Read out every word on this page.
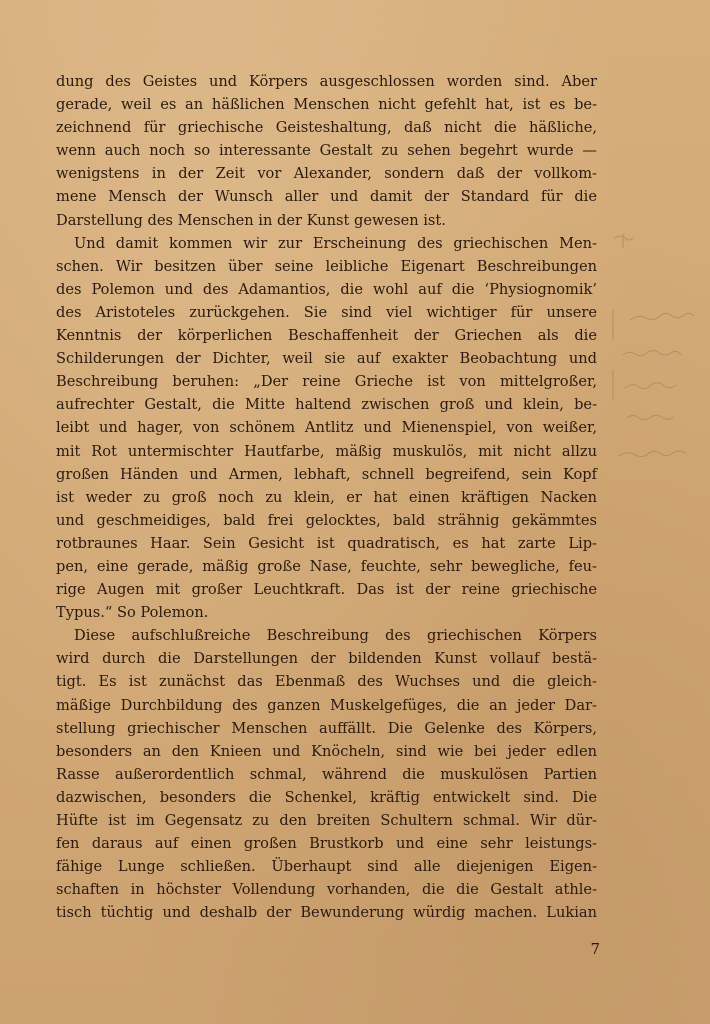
dung des Geistes und Körpers ausgeschlossen worden sind. Aber
gerade, weil es an häßlichen Menschen nicht gefehlt hat, ist es be-
zeichnend für griechische Geisteshaltung, daß nicht die häßliche,
wenn auch noch so interessante Gestalt zu sehen begehrt wurde —
wenigstens in der Zeit vor Alexander, sondern daß der vollkom-
mene Mensch der Wunsch aller und damit der Standard für die
Darstellung des Menschen in der Kunst gewesen ist.

Und damit kommen wir zur Erscheinung des griechischen Men-
schen. Wir besitzen über seine leibliche Eigenart Beschreibungen
des Polemon und des Adamantios, die wohl auf die ‘Physiognomik’
des Aristoteles zurückgehen. Sie sind viel wichtiger für unsere
Kenntnis der körperlichen Beschaffenheit der Griechen als die
Schilderungen der Dichter, weil sie auf exakter Beobachtung und
Beschreibung beruhen: „Der reine Grieche ist von mittelgroßer,
aufrechter Gestalt, die Mitte haltend zwischen groß und klein, be-
leibt und hager, von schönem Antlitz und Mienenspiel, von weißer,
mit Rot untermischter Hautfarbe, mäßig muskulös, mit nicht allzu
großen Händen und Armen, lebhaft, schnell begreifend, sein Kopf
ist weder zu groß noch zu klein, er hat einen kräftigen Nacken
und geschmeidiges, bald frei gelocktes, bald strähnig gekämmtes
rotbraunes Haar. Sein Gesicht ist quadratisch, es hat zarte Lip-
pen, eine gerade, mäßig große Nase, feuchte, sehr bewegliche, feu-
rige Augen mit großer Leuchtkraft. Das ist der reine griechische
Typus.“ So Polemon.

Diese aufschlußreiche Beschreibung des griechischen Körpers
wird durch die Darstellungen der bildenden Kunst vollauf bestä-
tigt. Es ist zunächst das Ebenmaß des Wuchses und die gleich-
mäßige Durchbildung des ganzen Muskelgefüges, die an jeder Dar-
stellung griechischer Menschen auffällt. Die Gelenke des Körpers,
besonders an den Knieen und Knöcheln, sind wie bei jeder edlen
Rasse außerordentlich schmal, während die muskulösen Partien
dazwischen, besonders die Schenkel, kräftig entwickelt sind. Die
Hüfte ist im Gegensatz zu den breiten Schultern schmal. Wir dür-
fen daraus auf einen großen Brustkorb und eine sehr leistungs-
fähige Lunge schließen. Überhaupt sind alle diejenigen Eigen-
schaften in höchster Vollendung vorhanden, die die Gestalt athle-
tisch tüchtig und deshalb der Bewunderung würdig machen. Lukian

7
